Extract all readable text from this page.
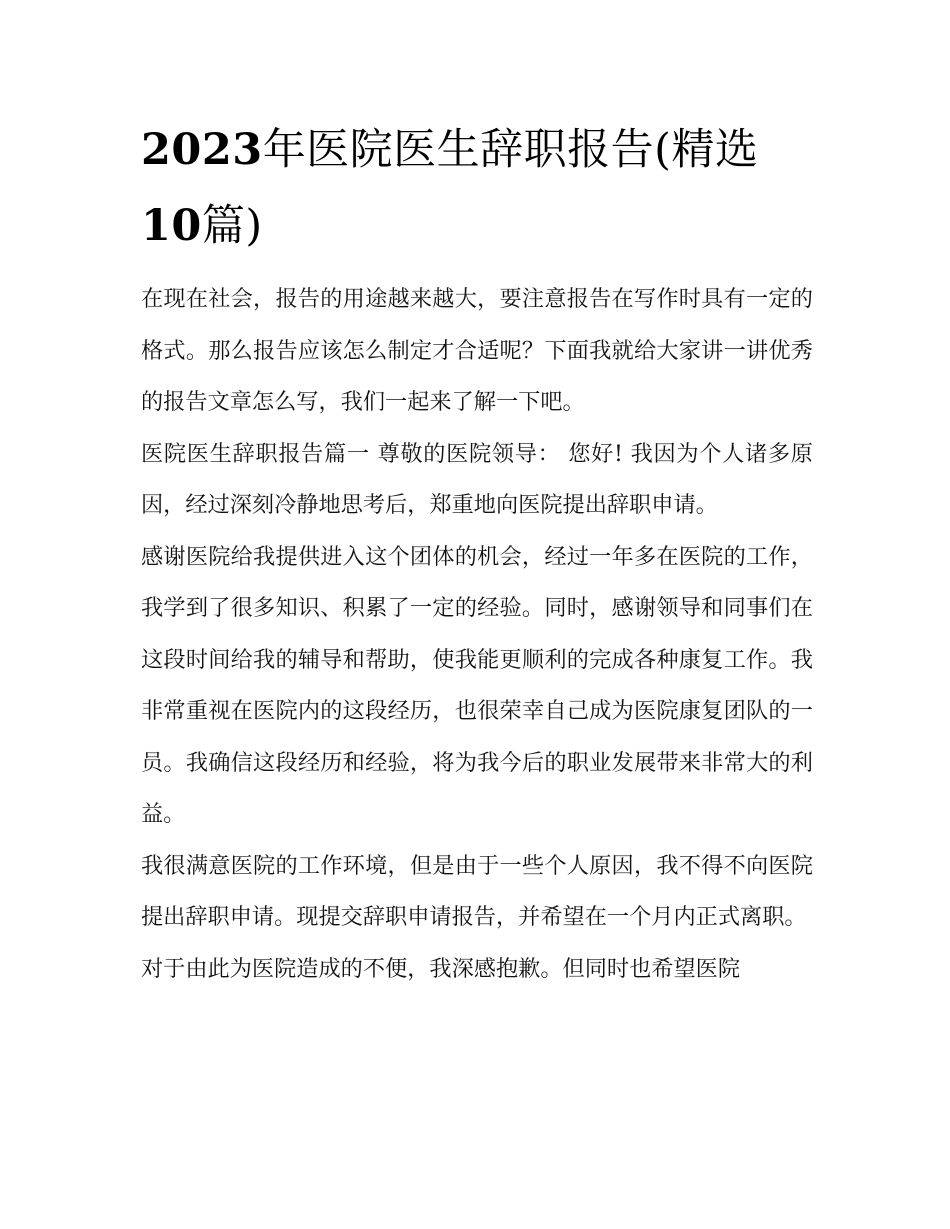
2023年医院医生辞职报告(精选10篇)

在现在社会，报告的用途越来越大，要注意报告在写作时具有一定的格式。那么报告应该怎么制定才合适呢？下面我就给大家讲一讲优秀的报告文章怎么写，我们一起来了解一下吧。

医院医生辞职报告篇一 尊敬的医院领导： 您好! 我因为个人诸多原因，经过深刻冷静地思考后，郑重地向医院提出辞职申请。

感谢医院给我提供进入这个团体的机会，经过一年多在医院的工作，我学到了很多知识、积累了一定的经验。同时，感谢领导和同事们在这段时间给我的辅导和帮助，使我能更顺利的完成各种康复工作。我非常重视在医院内的这段经历，也很荣幸自己成为医院康复团队的一员。我确信这段经历和经验，将为我今后的职业发展带来非常大的利益。

我很满意医院的工作环境，但是由于一些个人原因，我不得不向医院提出辞职申请。现提交辞职申请报告，并希望在一个月内正式离职。

对于由此为医院造成的不便，我深感抱歉。但同时也希望医院
